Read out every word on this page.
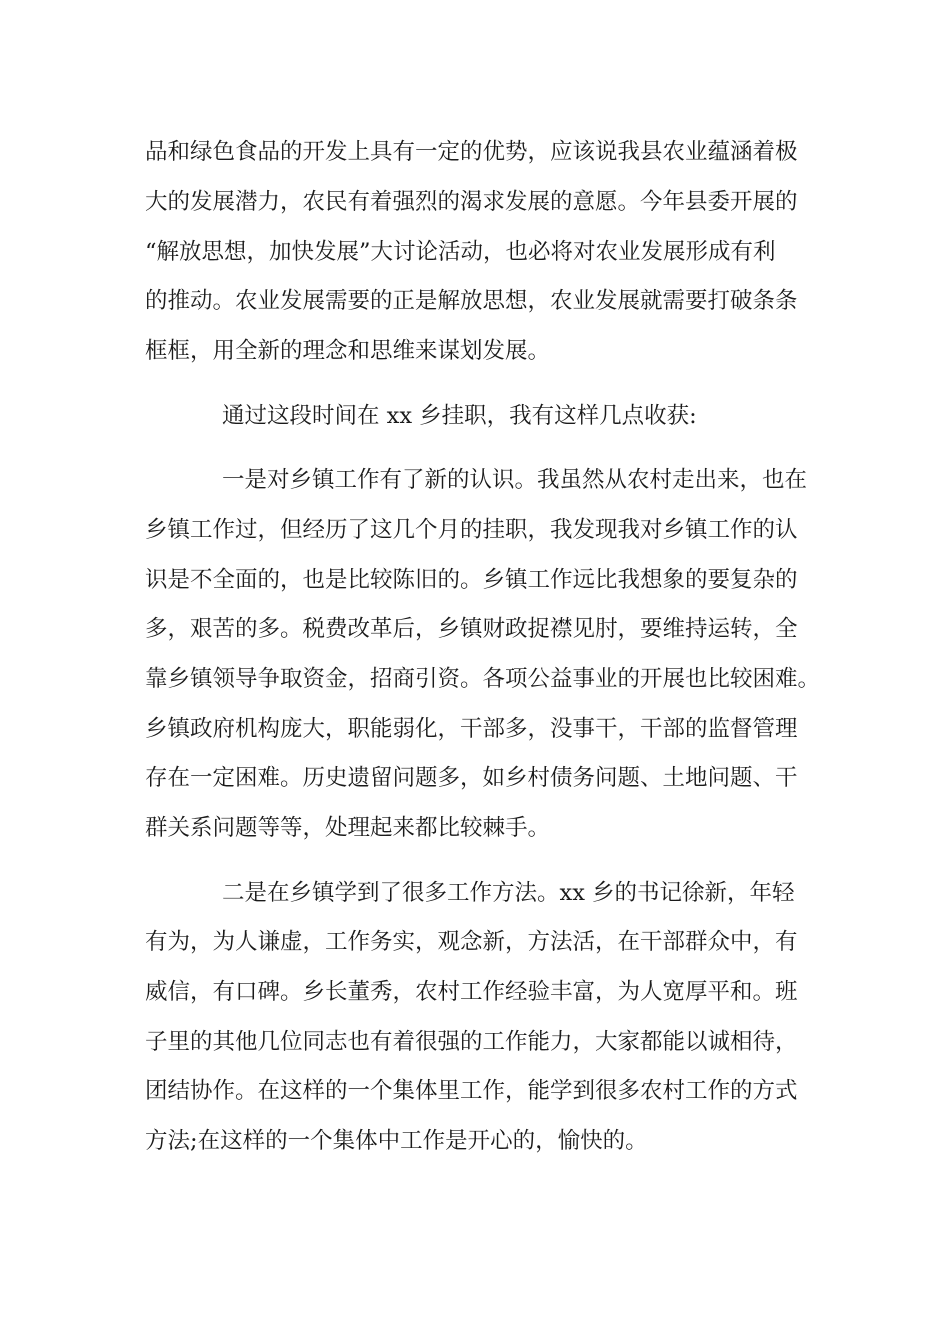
品和绿色食品的开发上具有一定的优势，应该说我县农业蕴涵着极
大的发展潜力，农民有着强烈的渴求发展的意愿。今年县委开展的
“解放思想，加快发展”大讨论活动，也必将对农业发展形成有利
的推动。农业发展需要的正是解放思想，农业发展就需要打破条条
框框，用全新的理念和思维来谋划发展。
通过这段时间在 xx 乡挂职，我有这样几点收获:
一是对乡镇工作有了新的认识。我虽然从农村走出来，也在
乡镇工作过，但经历了这几个月的挂职，我发现我对乡镇工作的认
识是不全面的，也是比较陈旧的。乡镇工作远比我想象的要复杂的
多，艰苦的多。税费改革后，乡镇财政捉襟见肘，要维持运转，全
靠乡镇领导争取资金，招商引资。各项公益事业的开展也比较困难。
乡镇政府机构庞大，职能弱化，干部多，没事干，干部的监督管理
存在一定困难。历史遗留问题多，如乡村债务问题、土地问题、干
群关系问题等等，处理起来都比较棘手。
二是在乡镇学到了很多工作方法。xx 乡的书记徐新，年轻
有为，为人谦虚，工作务实，观念新，方法活，在干部群众中，有
威信，有口碑。乡长董秀，农村工作经验丰富，为人宽厚平和。班
子里的其他几位同志也有着很强的工作能力，大家都能以诚相待，
团结协作。在这样的一个集体里工作，能学到很多农村工作的方式
方法;在这样的一个集体中工作是开心的，愉快的。
